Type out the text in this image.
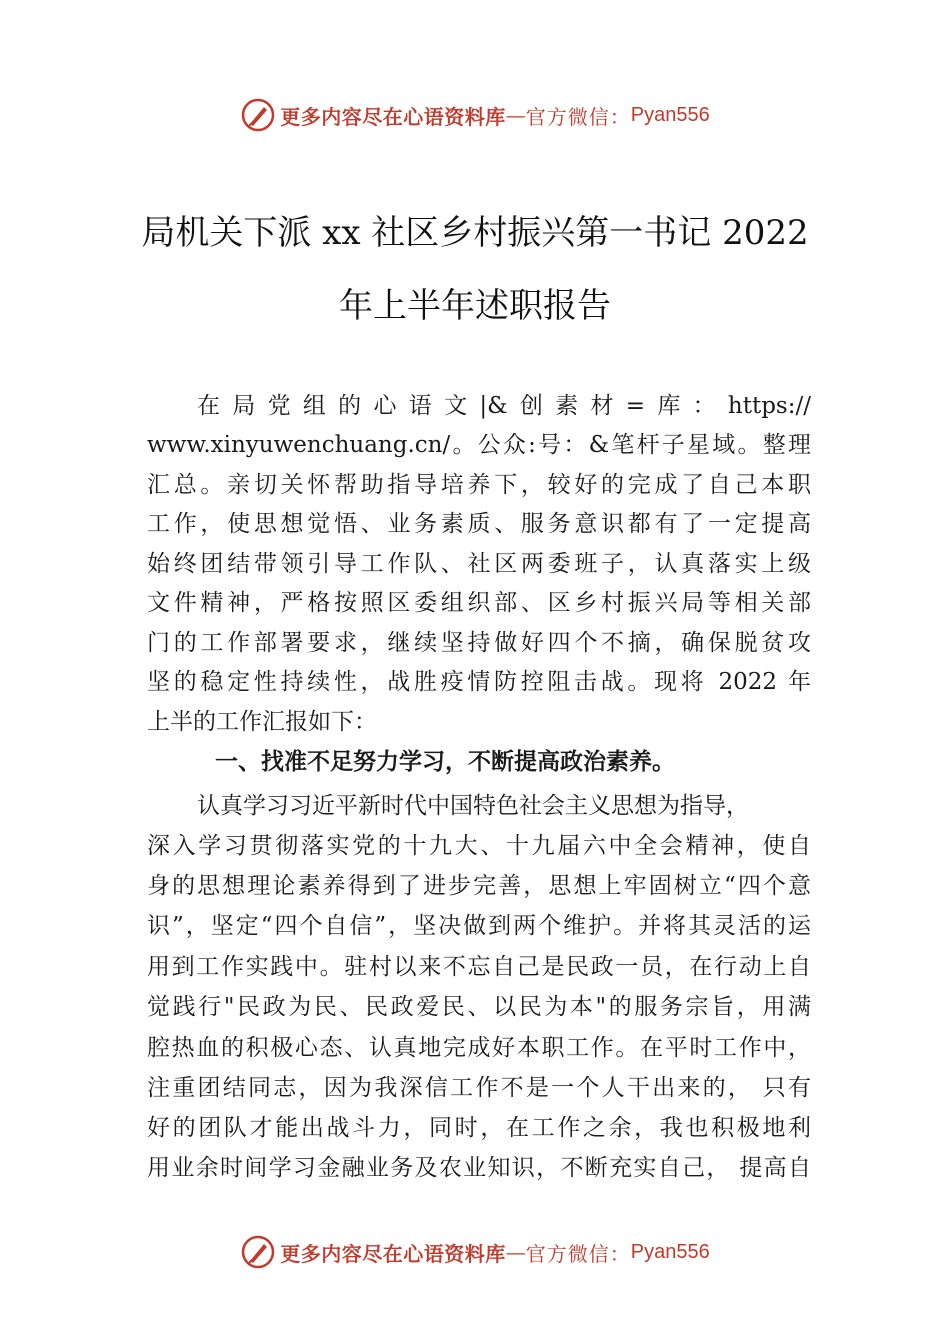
更多内容尽在心语资料库 — 官方微信： Pyan556
局机关下派 xx 社区乡村振兴第一书记 2022
年上半年述职报告
在局党组的心语文|&创素材=库：https://
www.xinyuwenchuang.cn/。公众:号：&笔杆子星域。整理
汇总。亲切关怀帮助指导培养下，较好的完成了自己本职
工作，使思想觉悟、业务素质、服务意识都有了一定提高
始终团结带领引导工作队、社区两委班子，认真落实上级
文件精神，严格按照区委组织部、区乡村振兴局等相关部
门的工作部署要求，继续坚持做好四个不摘，确保脱贫攻
坚的稳定性持续性，战胜疫情防控阻击战。现将 2022 年
上半的工作汇报如下：
一、找准不足努力学习，不断提高政治素养。
认真学习习近平新时代中国特色社会主义思想为指导，
深入学习贯彻落实党的十九大、十九届六中全会精神，使自
身的思想理论素养得到了进步完善，思想上牢固树立“四个意
识”，坚定“四个自信”，坚决做到两个维护。并将其灵活的运
用到工作实践中。驻村以来不忘自己是民政一员，在行动上自
觉践行"民政为民、民政爱民、以民为本"的服务宗旨，用满
腔热血的积极心态、认真地完成好本职工作。在平时工作中，
注重团结同志，因为我深信工作不是一个人干出来的， 只有
好的团队才能出战斗力，同时，在工作之余，我也积极地利
用业余时间学习金融业务及农业知识，不断充实自己， 提高自
更多内容尽在心语资料库 — 官方微信： Pyan556
